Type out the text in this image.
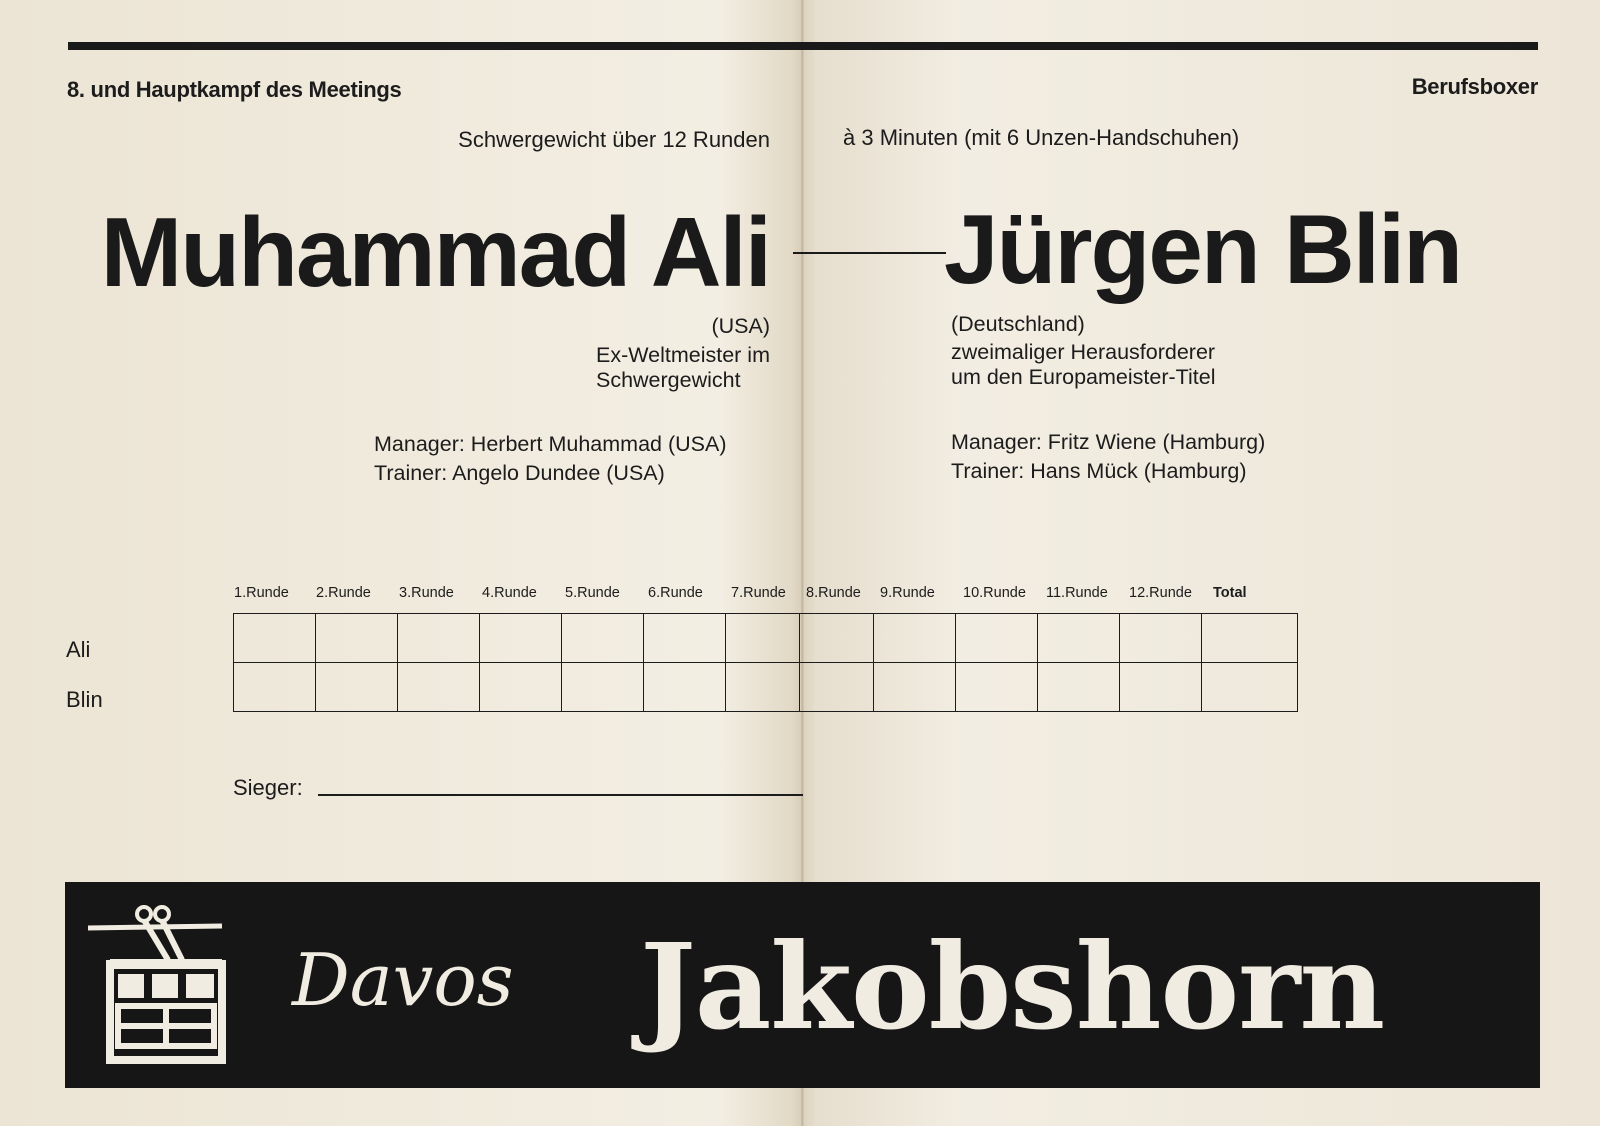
8. und Hauptkampf des Meetings	Berufsboxer
Schwergewicht über 12 Runden	à 3 Minuten (mit 6 Unzen-Handschuhen)
Muhammad Ali Jürgen Blin
(USA)
Ex-Weltmeister im
Schwergewicht
(Deutschland)
zweimaliger Herausforderer
um den Europameister-Titel
Manager: Herbert Muhammad (USA)
Trainer: Angelo Dundee (USA)
Manager: Fritz Wiene (Hamburg)
Trainer: Hans Mück (Hamburg)
1.Runde 2.Runde 3.Runde 4.Runde 5.Runde 6.Runde 7.Runde 8.Runde 9.Runde 10.Runde 11.Runde 12.Runde Total
Ali
Blin

Sieger:
Davos Jakobshorn
